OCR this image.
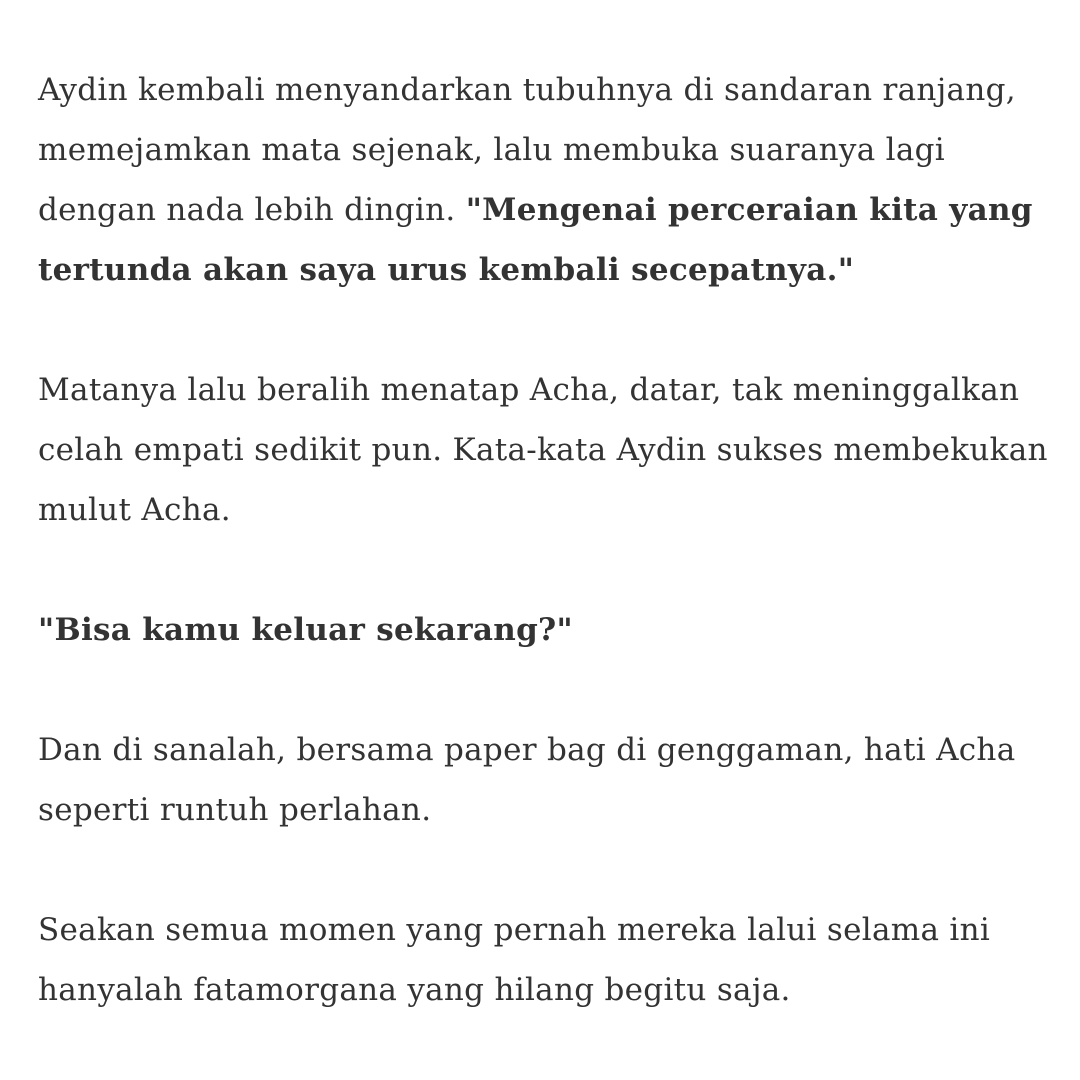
Aydin kembali menyandarkan tubuhnya di sandaran ranjang, memejamkan mata sejenak, lalu membuka suaranya lagi dengan nada lebih dingin. "Mengenai perceraian kita yang tertunda akan saya urus kembali secepatnya."

Matanya lalu beralih menatap Acha, datar, tak meninggalkan celah empati sedikit pun. Kata-kata Aydin sukses membekukan mulut Acha.

"Bisa kamu keluar sekarang?"

Dan di sanalah, bersama paper bag di genggaman, hati Acha seperti runtuh perlahan.

Seakan semua momen yang pernah mereka lalui selama ini hanyalah fatamorgana yang hilang begitu saja.
